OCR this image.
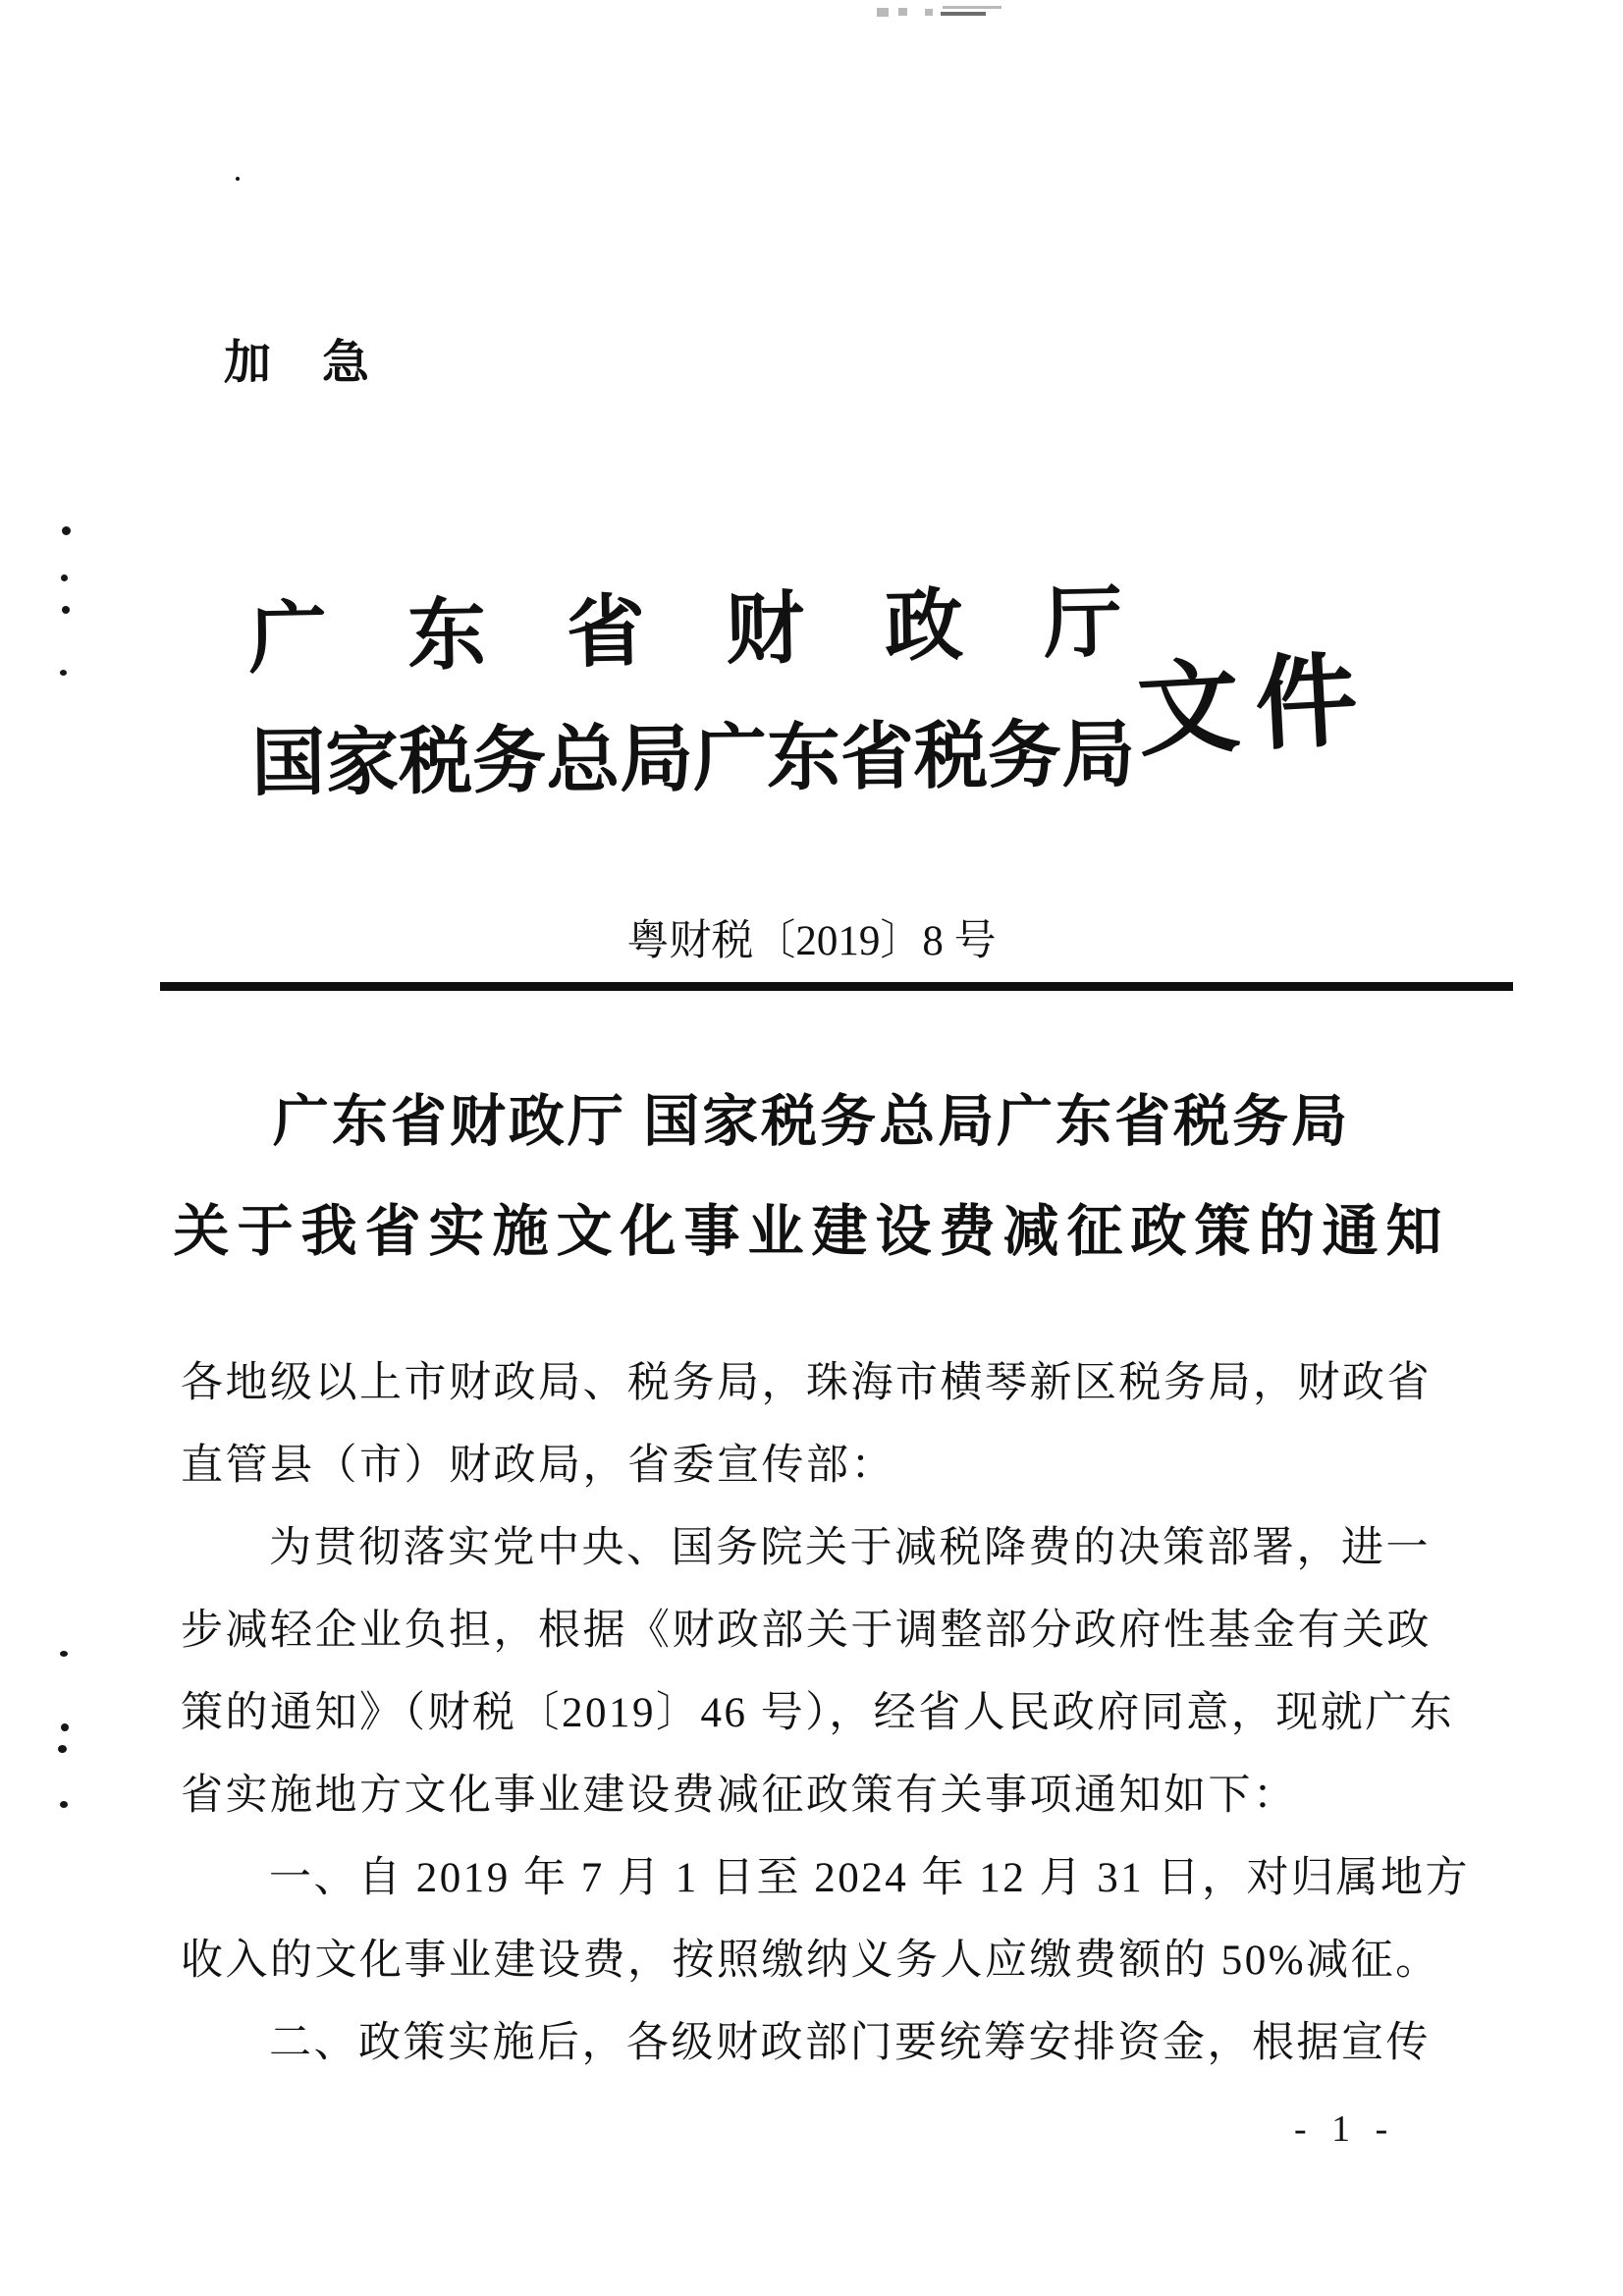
加　急
广东省财政厅
国家税务总局广东省税务局 文件
粤财税〔2019〕8 号
广东省财政厅 国家税务总局广东省税务局
关于我省实施文化事业建设费减征政策的通知
各地级以上市财政局、税务局，珠海市横琴新区税务局，财政省
直管县（市）财政局，省委宣传部：
为贯彻落实党中央、国务院关于减税降费的决策部署，进一
步减轻企业负担，根据《财政部关于调整部分政府性基金有关政
策的通知》（财税〔2019〕46 号），经省人民政府同意，现就广东
省实施地方文化事业建设费减征政策有关事项通知如下：
一、自 2019 年 7 月 1 日至 2024 年 12 月 31 日，对归属地方
收入的文化事业建设费，按照缴纳义务人应缴费额的 50%减征。
二、政策实施后，各级财政部门要统筹安排资金，根据宣传
- 1 -
